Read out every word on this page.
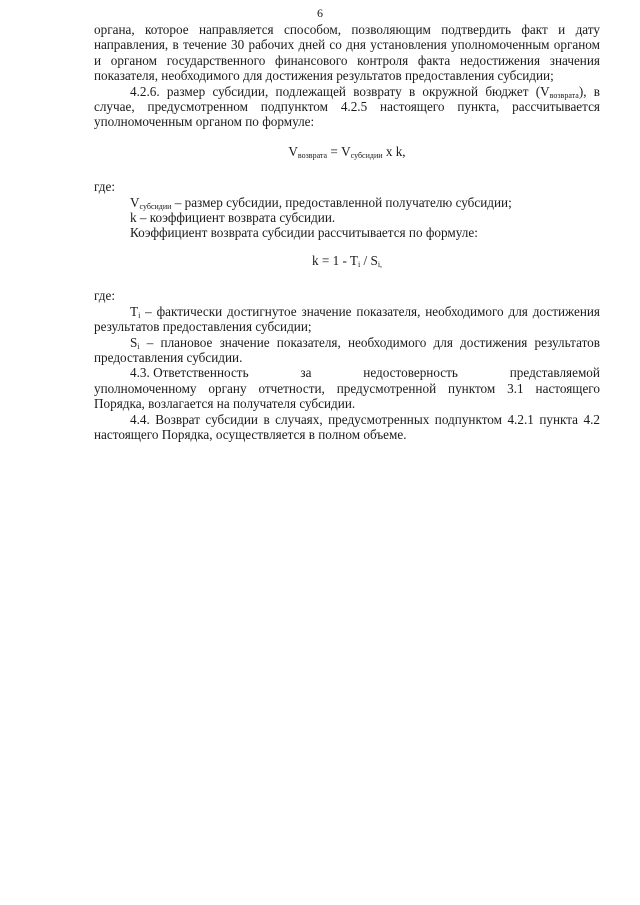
6

органа, которое направляется способом, позволяющим подтвердить факт и дату направления, в течение 30 рабочих дней со дня установления уполномоченным органом и органом государственного финансового контроля факта недостижения значения показателя, необходимого для достижения результатов предоставления субсидии;

4.2.6. размер субсидии, подлежащей возврату в окружной бюджет $(V_{возврата})$, в случае, предусмотренном подпунктом 4.2.5 настоящего пункта, рассчитывается уполномоченным органом по формуле:

$V_{возврата} = V_{субсидии}$ x k,

где:

$V_{субсидии}$ – размер субсидии, предоставленной получателю субсидии;

k – коэффициент возврата субсидии.

Коэффициент возврата субсидии рассчитывается по формуле:

$k = 1 - T_i / S_{i,}$

где:

$T_i$ – фактически достигнутое значение показателя, необходимого для достижения результатов предоставления субсидии;

$S_i$ – плановое значение показателя, необходимого для достижения результатов предоставления субсидии.

4.3. Ответственность	за	недостоверность	представляемой

уполномоченному органу отчетности, предусмотренной пунктом 3.1 настоящего Порядка, возлагается на получателя субсидии.

4.4. Возврат субсидии в случаях, предусмотренных подпунктом 4.2.1 пункта 4.2 настоящего Порядка, осуществляется в полном объеме.
